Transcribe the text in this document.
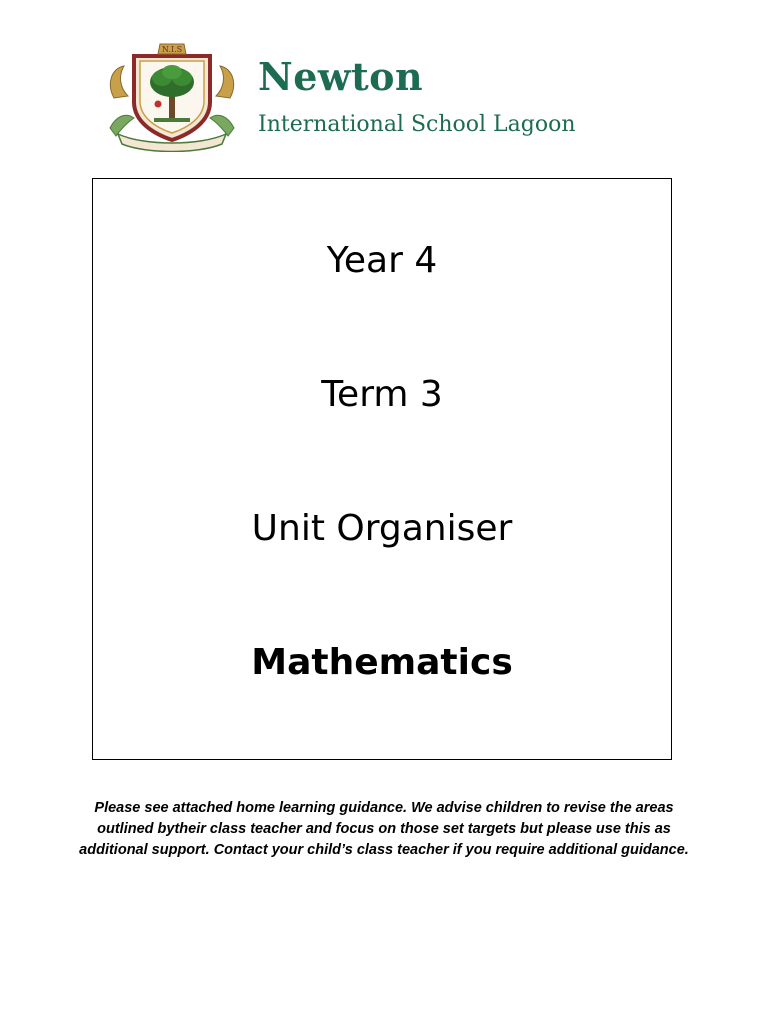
N.I.S
Newton
International School Lagoon
Year 4
Term 3
Unit Organiser
Mathematics
Please see attached home learning guidance. We advise children to revise the areas
outlined bytheir class teacher and focus on those set targets but please use this as
additional support. Contact your child’s class teacher if you require additional guidance.
